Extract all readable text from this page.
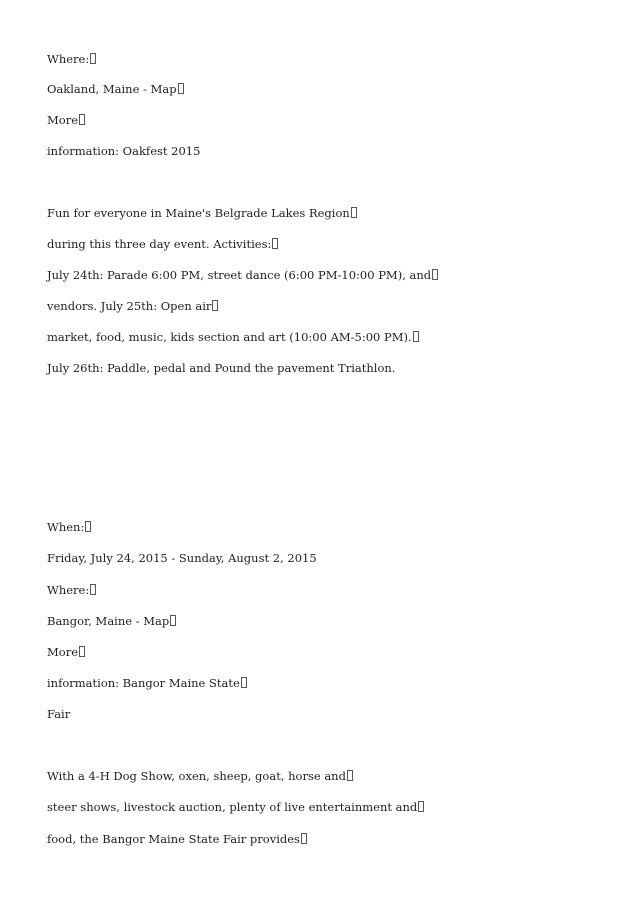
Where:
Oakland, Maine - Map
More
information: Oakfest 2015
Fun for everyone in Maine's Belgrade Lakes Region
during this three day event. Activities:
July 24th: Parade 6:00 PM, street dance (6:00 PM-10:00 PM), and
vendors. July 25th: Open air
market, food, music, kids section and art (10:00 AM-5:00 PM).
July 26th: Paddle, pedal and Pound the pavement Triathlon.
When:
Friday, July 24, 2015 - Sunday, August 2, 2015
Where:
Bangor, Maine - Map
More
information: Bangor Maine State
Fair
With a 4-H Dog Show, oxen, sheep, goat, horse and
steer shows, livestock auction, plenty of live entertainment and
food, the Bangor Maine State Fair provides
